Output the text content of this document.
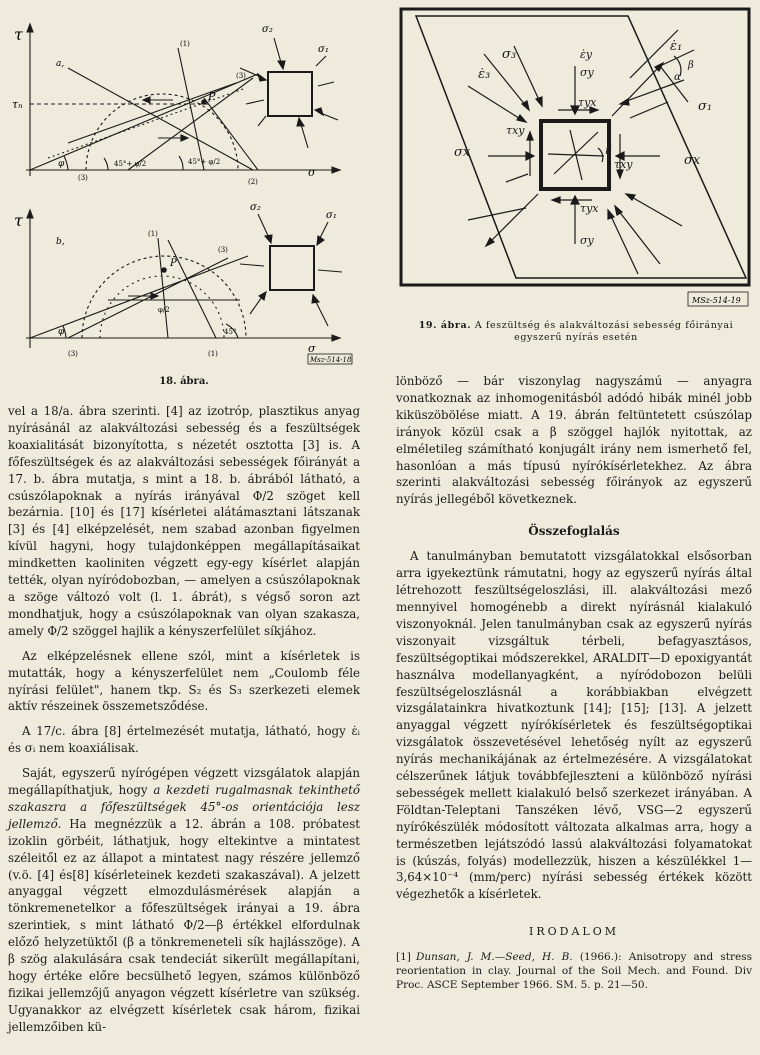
τ
a,
τₙ
(1)
(3)
P
φ	45°+ φ/2	45°+ φ/2
(3)	(2)
σ
σ₂
σ₁
τ
b,
(1)
(3)
P
φ/2
φ	45°
(3)	(1)	σ
σ₂
σ₁
Msz-514-18
18. ábra.
ε̇₃
σ₃
ε̇₁
σ₁
ε̇y
σy
σx
σx
τyx
τxy
τxy
τyx
σy
α
β
β
MSz-514-19
19. ábra. A feszültség és alakváltozási sebesség főirányai egyszerű nyírás esetén

vel a 18/a. ábra szerinti. [4] az izotróp, plasztikus anyag nyírásánál az alakváltozási sebesség és a feszültségek koaxialitását bizonyította, s nézetét osztotta [3] is. A főfeszültségek és az alakváltozási sebességek főirányát a 17. b. ábra mutatja, s mint a 18. b. ábrából látható, a csúszólapoknak a nyírás irányával Φ/2 szöget kell bezárnia. [10] és [17] kísérletei alátámasztani látszanak [3] és [4] elképzelését, nem szabad azonban figyelmen kívül hagyni, hogy tulajdonképpen megállapításaikat mindketten kaoliniten végzett egy-egy kísérlet alapján tették, olyan nyíródobozban, — amelyen a csúszólapoknak a szöge változó volt (l. 1. ábrát), s végső soron azt mondhatjuk, hogy a csúszólapoknak van olyan szakasza, amely Φ/2 szöggel hajlik a kényszerfelület síkjához.

Az elképzelésnek ellene szól, mint a kísérletek is mutatták, hogy a kényszerfelület nem „Coulomb féle nyírási felület", hanem tkp. S₂ és S₃ szerkezeti elemek aktív részeinek összemetsződése.

A 17/c. ábra [8] értelmezését mutatja, látható, hogy ε̇ᵢ és σᵢ nem koaxiálisak.

Saját, egyszerű nyírógépen végzett vizsgálatok alapján megállapíthatjuk, hogy a kezdeti rugalmasnak tekinthető szakaszra a főfeszültségek 45°-os orientációja lesz jellemző. Ha megnézzük a 12. ábrán a 108. próbatest izoklin görbéit, láthatjuk, hogy eltekintve a mintatest széleitől ez az állapot a mintatest nagy részére jellemző (v.ö. [4] és[8] kísérleteinek kezdeti szakaszával). A jelzett anyaggal végzett elmozdulásmérések alapján a tönkremenetelkor a főfeszültségek irányai a 19. ábra szerintiek, s mint látható Φ/2—β értékkel elfordulnak előző helyzetüktől (β a tönkremeneteli sík hajlásszöge). A β szög alakulására csak tendeciát sikerült megállapítani, hogy értéke előre becsülhető legyen, számos különböző fizikai jellemzőjű anyagon végzett kísérletre van szükség. Ugyanakkor az elvégzett kísérletek csak három, fizikai jellemzőiben kü-

lönböző — bár viszonylag nagyszámú — anyagra vonatkoznak az inhomogenitásból adódó hibák minél jobb kiküszöbölése miatt. A 19. ábrán feltüntetett csúszólap irányok közül csak a β szöggel hajlók nyitottak, az elméletileg számítható konjugált irány nem ismerhető fel, hasonlóan a más típusú nyírókísérletekhez. Az ábra szerinti alakváltozási sebesség főirányok az egyszerű nyírás jellegéből következnek.

Összefoglalás

A tanulmányban bemutatott vizsgálatokkal elsősorban arra igyekeztünk rámutatni, hogy az egyszerű nyírás által létrehozott feszültségeloszlási, ill. alakváltozási mező mennyivel homogénebb a direkt nyírásnál kialakuló viszonyoknál. Jelen tanulmányban csak az egyszerű nyírás viszonyait vizsgáltuk térbeli, befagyasztásos, feszültségoptikai módszerekkel, ARALDIT—D epoxigyantát használva modellanyagként, a nyíródobozon belüli feszültségeloszlásnál a korábbiakban elvégzett vizsgálatainkra hivatkoztunk [14]; [15]; [13]. A jelzett anyaggal végzett nyírókísérletek és feszültségoptikai vizsgálatok összevetésével lehetőség nyílt az egyszerű nyírás mechanikájának az értelmezésére. A vizsgálatokat célszerűnek látjuk továbbfejleszteni a különböző nyírási sebességek mellett kialakuló belső szerkezet irányában. A Földtan-Teleptani Tanszéken lévő, VSG—2 egyszerű nyírókészülék módosított változata alkalmas arra, hogy a természetben lejátszódó lassú alakváltozási folyamatokat is (kúszás, folyás) modellezzük, hiszen a készülékkel 1—3,64×10⁻⁴ (mm/perc) nyírási sebesség értékek között végezhetők a kísérletek.

IRODALOM

[1] Dunsan, J. M.—Seed, H. B. (1966.): Anisotropy and stress reorientation in clay. Journal of the Soil Mech. and Found. Div Proc. ASCE September 1966. SM. 5. p. 21—50.
